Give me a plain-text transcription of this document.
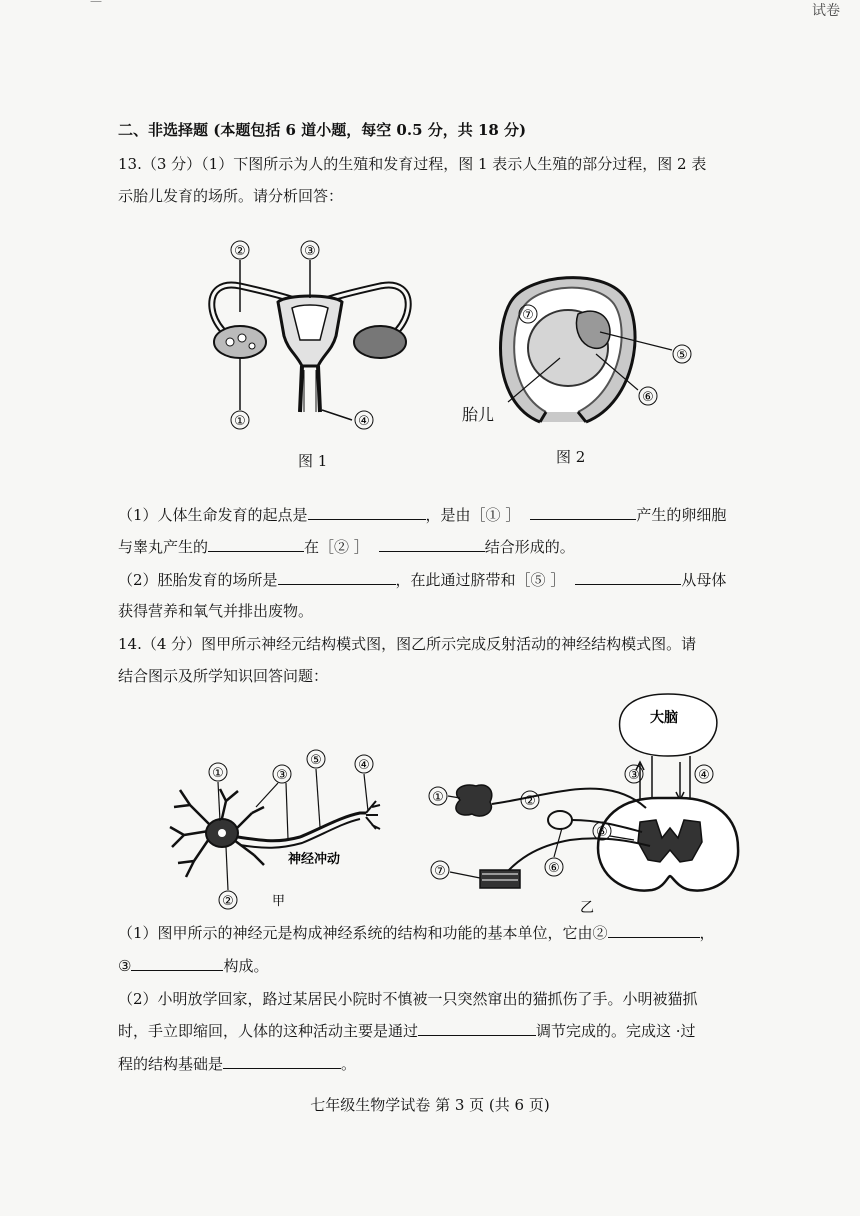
—
试卷
二、非选择题 (本题包括 6 道小题，每空 0.5 分，共 18 分)
13.（3 分）（1）下图所示为人的生殖和发育过程，图 1 表示人生殖的部分过程，图 2 表
示胎儿发育的场所。请分析回答：
②	③
①	④
图 1
⑦
⑤
⑥
胎儿
图 2
（1）人体生命发育的起点是	，是由［① ］	产生的卵细胞
与睾丸产生的	在［② ］	结合形成的。
（2）胚胎发育的场所是	，在此通过脐带和［⑤ ］	从母体
获得营养和氧气并排出废物。
14.（4 分）图甲所示神经元结构模式图，图乙所示完成反射活动的神经结构模式图。请
结合图示及所学知识回答问题：
①	③
⑤	④
②
神经冲动
甲
大脑
③	④
①	②
⑤
⑥
⑦
乙
（1）图甲所示的神经元是构成神经系统的结构和功能的基本单位，它由②	，
③	构成。
（2）小明放学回家，路过某居民小院时不慎被一只突然窜出的猫抓伤了手。小明被猫抓
时，手立即缩回，人体的这种活动主要是通过	调节完成的。完成这 ·过
程的结构基础是	。
七年级生物学试卷 第 3 页 (共 6 页)
